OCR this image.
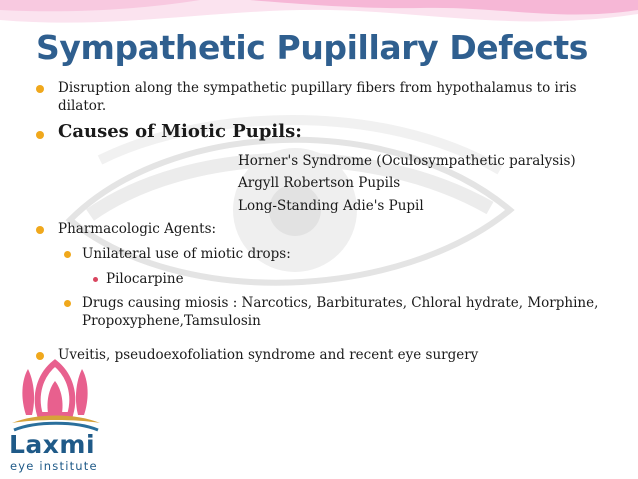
Sympathetic Pupillary Defects
Disruption along the sympathetic pupillary fibers from hypothalamus to iris
dilator.
Causes of Miotic Pupils:
Horner's Syndrome (Oculosympathetic paralysis)
Argyll Robertson Pupils
Long-Standing Adie's Pupil
Pharmacologic Agents:
Unilateral use of miotic drops:
Pilocarpine
Drugs causing miosis : Narcotics, Barbiturates, Chloral hydrate, Morphine,
Propoxyphene,Tamsulosin
Uveitis, pseudoexofoliation syndrome and recent eye surgery
Laxmi
eye institute
